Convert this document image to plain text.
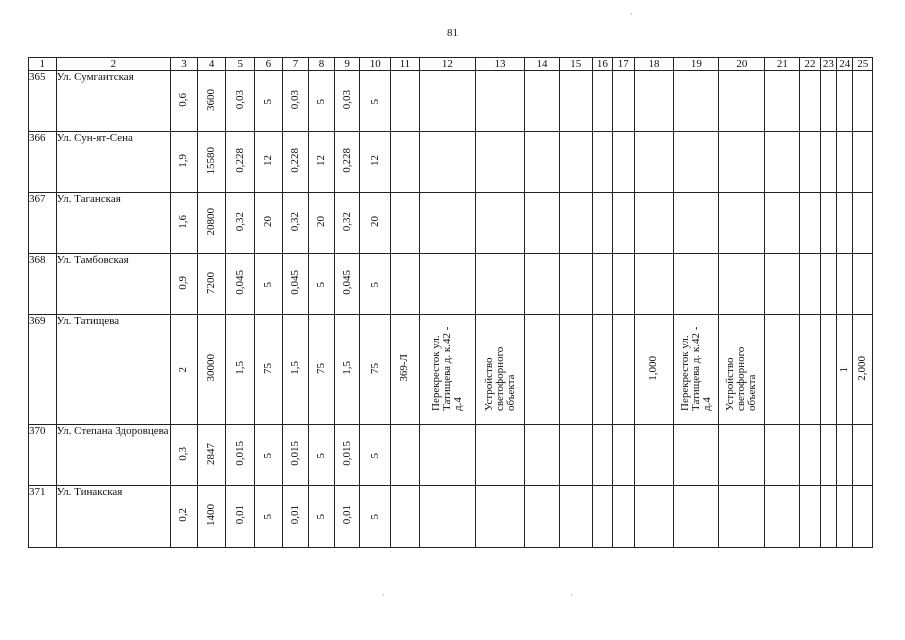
81
1	2	3	4	5	6	7	8	9	10	11	12	13	14	15	16	17	18	19	20	21	22	23	24	25
365	Ул. Сумгаитская	0,6	3600	0,03	5	0,03	5	0,03	5															
366	Ул. Сун-ят-Сена	1,9	15580	0,228	12	0,228	12	0,228	12															
367	Ул. Таганская	1,6	20800	0,32	20	0,32	20	0,32	20															
368	Ул. Тамбовская	0,9	7200	0,045	5	0,045	5	0,045	5															
369	Ул. Татищева	2	30000	1,5	75	1,5	75	1,5	75	369-Л	Перекресток ул. Татищева д. к.42 - д.4	Устройство светофорного объекта					1,000	Перекресток ул. Татищева д. к.42 - д.4	Устройство светофорного объекта				1	2,000
370	Ул. Степана Здоровцева	0,3	2847	0,015	5	0,015	5	0,015	5															
371	Ул. Тинакская	0,2	1400	0,01	5	0,01	5	0,01	5															
·
·	·
